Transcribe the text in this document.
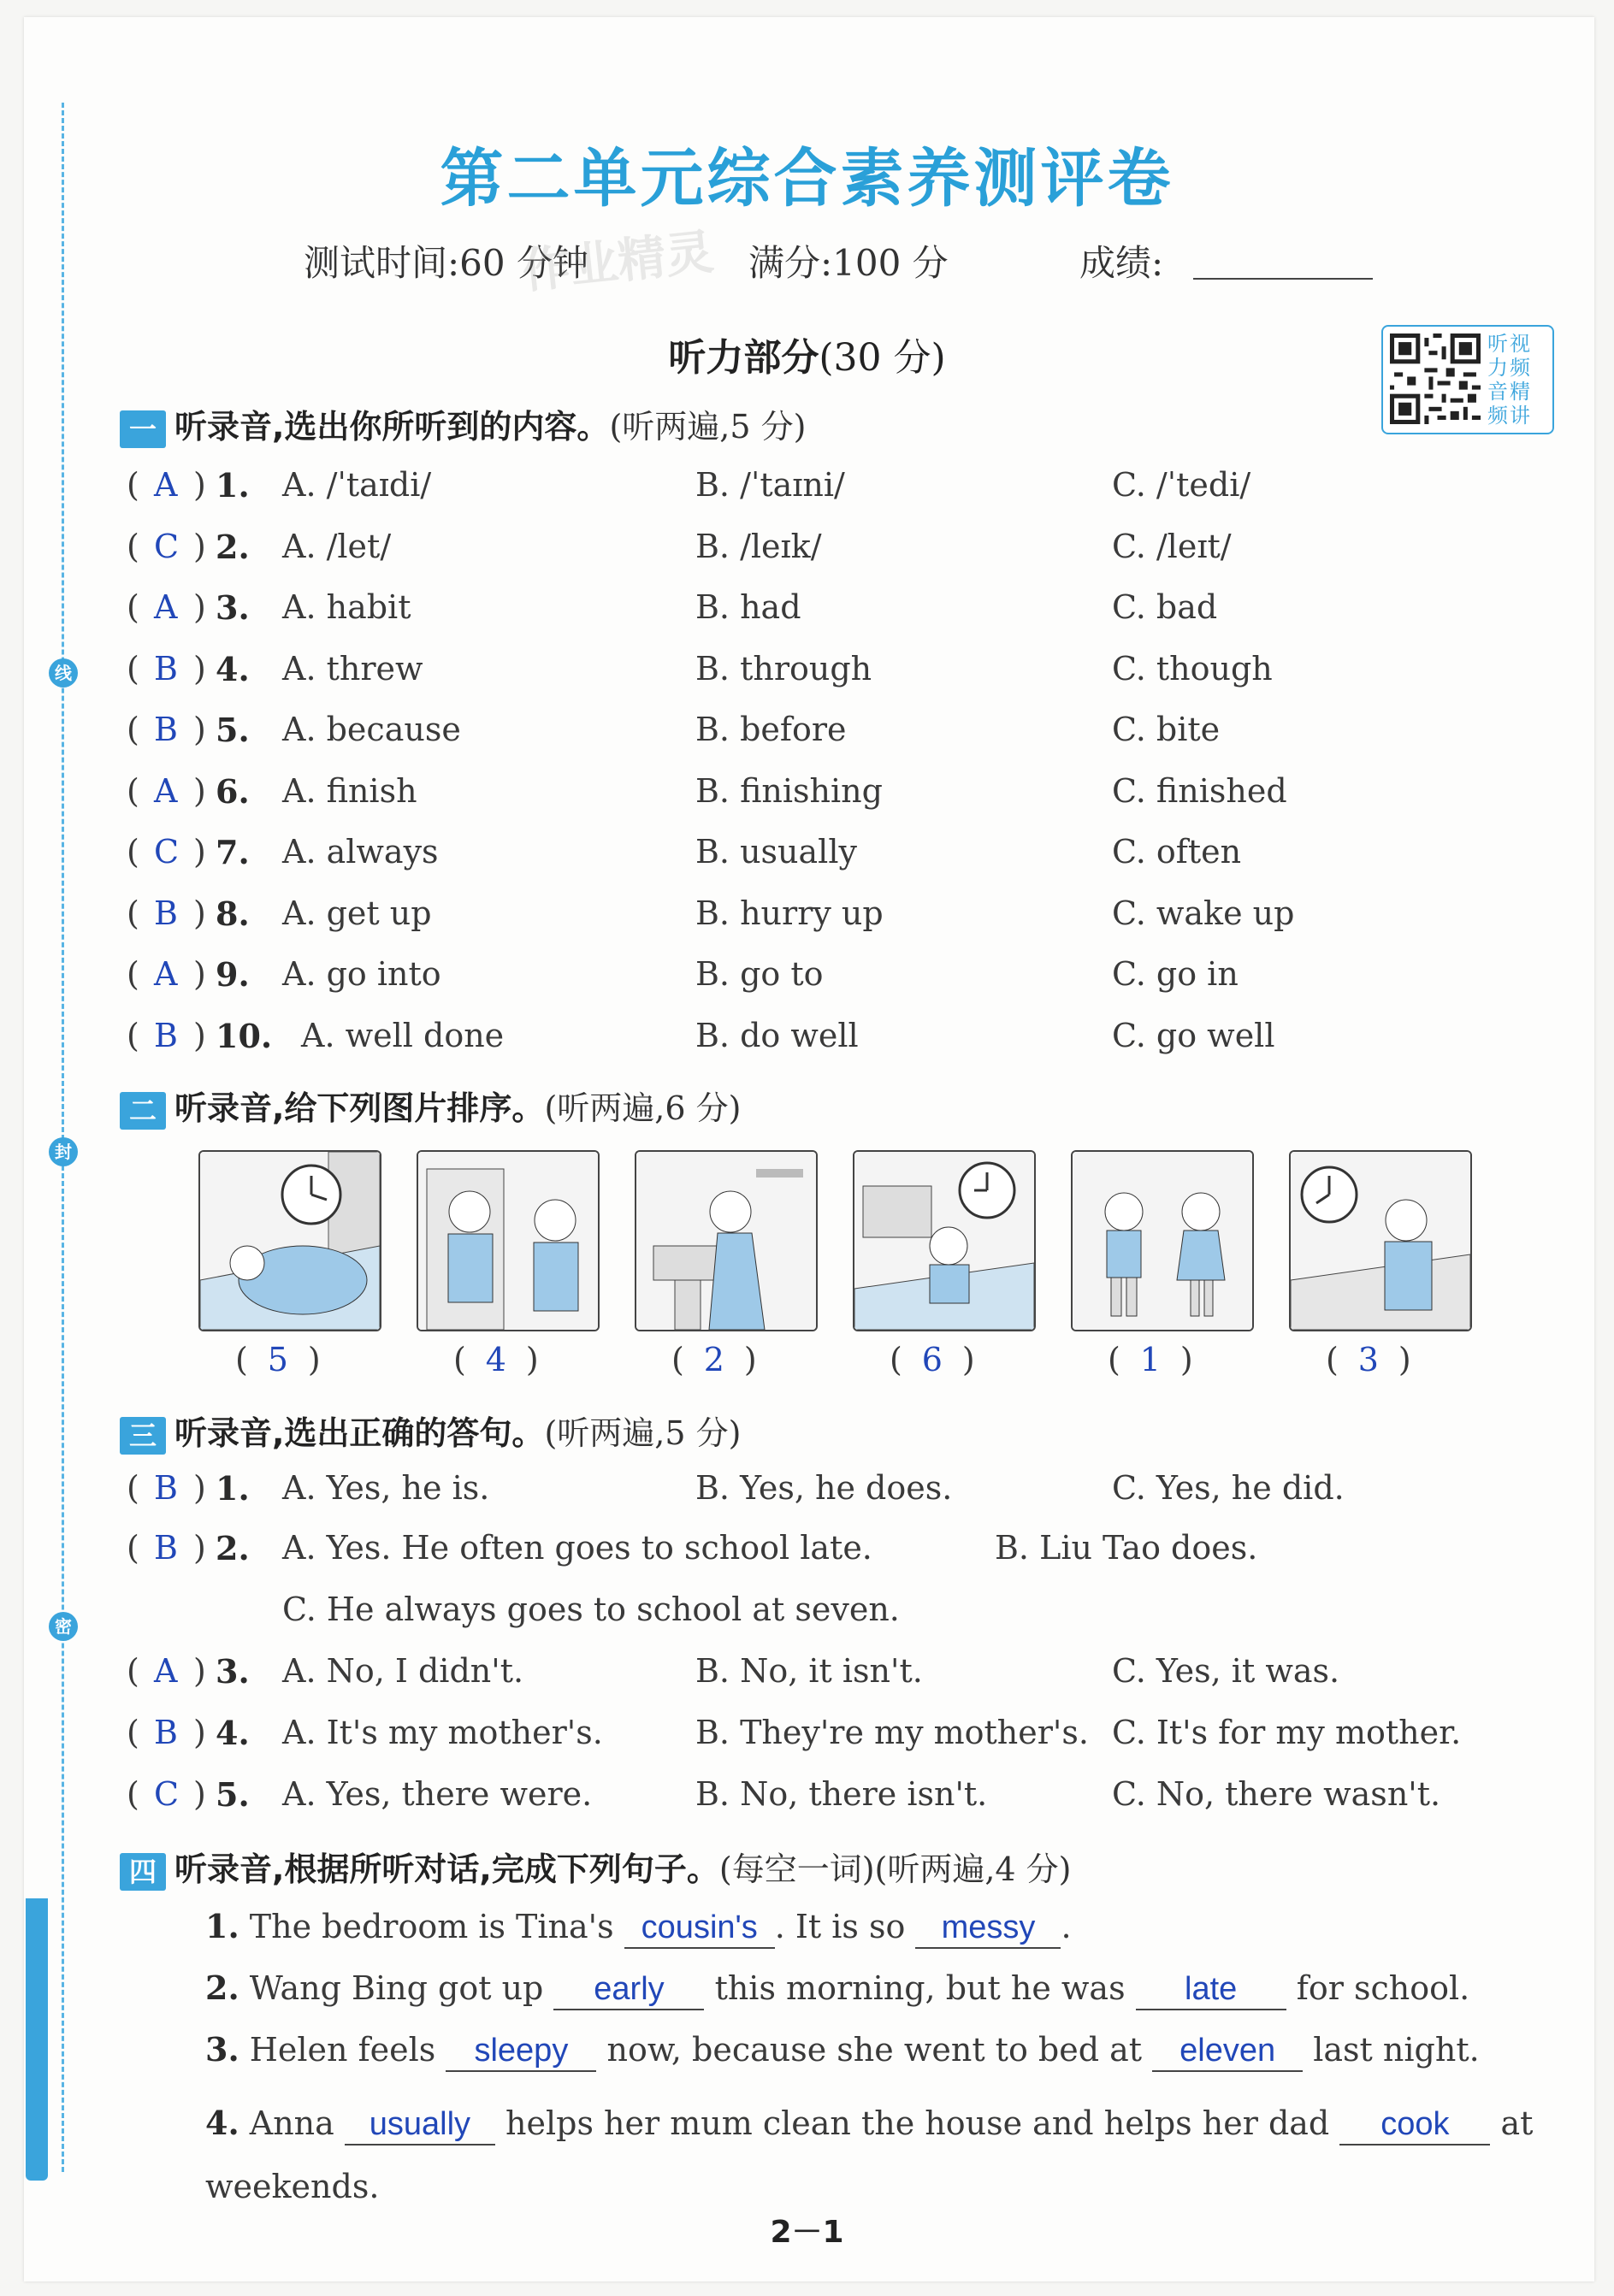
线
封
密
第二单元综合素养测评卷
测试时间:60 分钟
作业精灵 满分:100 分	成绩:
听力部分(30 分)	听视
力频
音精
频讲
一 听录音,选出你所听到的内容。(听两遍,5 分)
( A ) 1. A. /ˈtaɪdi/	B. /ˈtaɪni/	C. /ˈtedi/
( C ) 2. A. /let/	B. /leɪk/	C. /leɪt/
( A ) 3. A. habit	B. had	C. bad
( B ) 4. A. threw	B. through	C. though
( B ) 5. A. because	B. before	C. bite
( A ) 6. A. finish	B. finishing	C. finished
( C ) 7. A. always	B. usually	C. often
( B ) 8. A. get up	B. hurry up	C. wake up
( A ) 9. A. go into	B. go to	C. go in
( B ) 10. A. well done	B. do well	C. go well
二 听录音,给下列图片排序。(听两遍,6 分)
( 5 )	( 4 )	( 2 )	( 6 )	( 1 )	( 3 )
三 听录音,选出正确的答句。(听两遍,5 分)
( B ) 1. A. Yes, he is.	B. Yes, he does.	C. Yes, he did.
( B ) 2. A. Yes. He often goes to school late.	B. Liu Tao does.
C. He always goes to school at seven.
( A ) 3. A. No, I didn't.	B. No, it isn't.	C. Yes, it was.
( B ) 4. A. It's my mother's.	B. They're my mother's. C. It's for my mother.
( C ) 5. A. Yes, there were.	B. No, there isn't.	C. No, there wasn't.
四 听录音,根据所听对话,完成下列句子。(每空一词)(听两遍,4 分)
1. The bedroom is Tina's cousin's . It is so messy .
2. Wang Bing got up early this morning, but he was late for school.
3. Helen feels sleepy now, because she went to bed at eleven last night.
4. Anna usually helps her mum clean the house and helps her dad cook at
weekends.
2－1
